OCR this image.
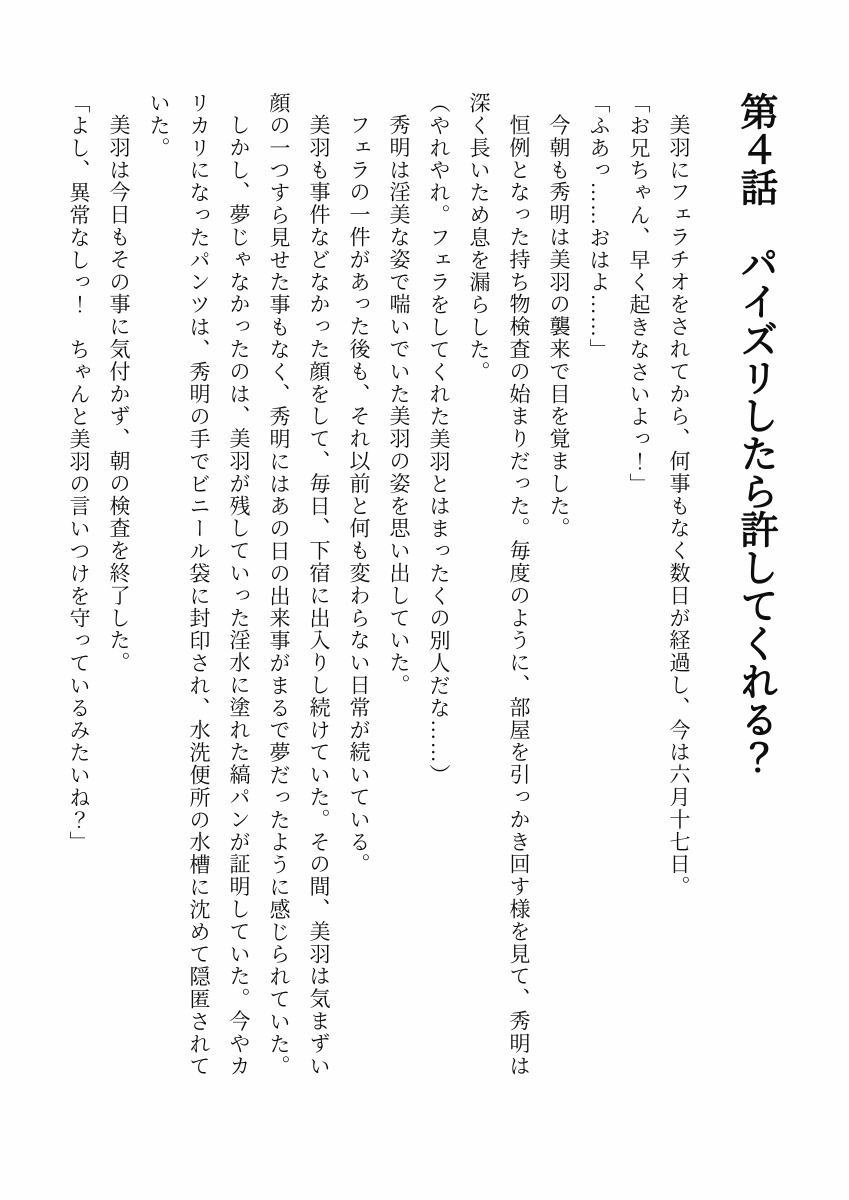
第４話　パイズリしたら許してくれる？

美羽にフェラチオをされてから、何事もなく数日が経過し、今は六月十七日。

「お兄ちゃん、早く起きなさいよっ！」

「ふあっ……おはよ……」

今朝も秀明は美羽の襲来で目を覚ました。

恒例となった持ち物検査の始まりだった。毎度のように、部屋を引っかき回す様を見て、秀明は深く長いため息を漏らした。

（やれやれ。フェラをしてくれた美羽とはまったくの別人だな……）

秀明は淫美な姿で喘いでいた美羽の姿を思い出していた。

フェラの一件があった後も、それ以前と何も変わらない日常が続いている。

美羽も事件などなかった顔をして、毎日、下宿に出入りし続けていた。その間、美羽は気まずい顔の一つすら見せた事もなく、秀明にはあの日の出来事がまるで夢だったように感じられていた。

しかし、夢じゃなかったのは、美羽が残していった淫水に塗れた縞パンが証明していた。今やカリカリになったパンツは、秀明の手でビニール袋に封印され、水洗便所の水槽に沈めて隠匿されていた。

美羽は今日もその事に気付かず、朝の検査を終了した。

「よし、異常なしっ！　ちゃんと美羽の言いつけを守っているみたいね？」
